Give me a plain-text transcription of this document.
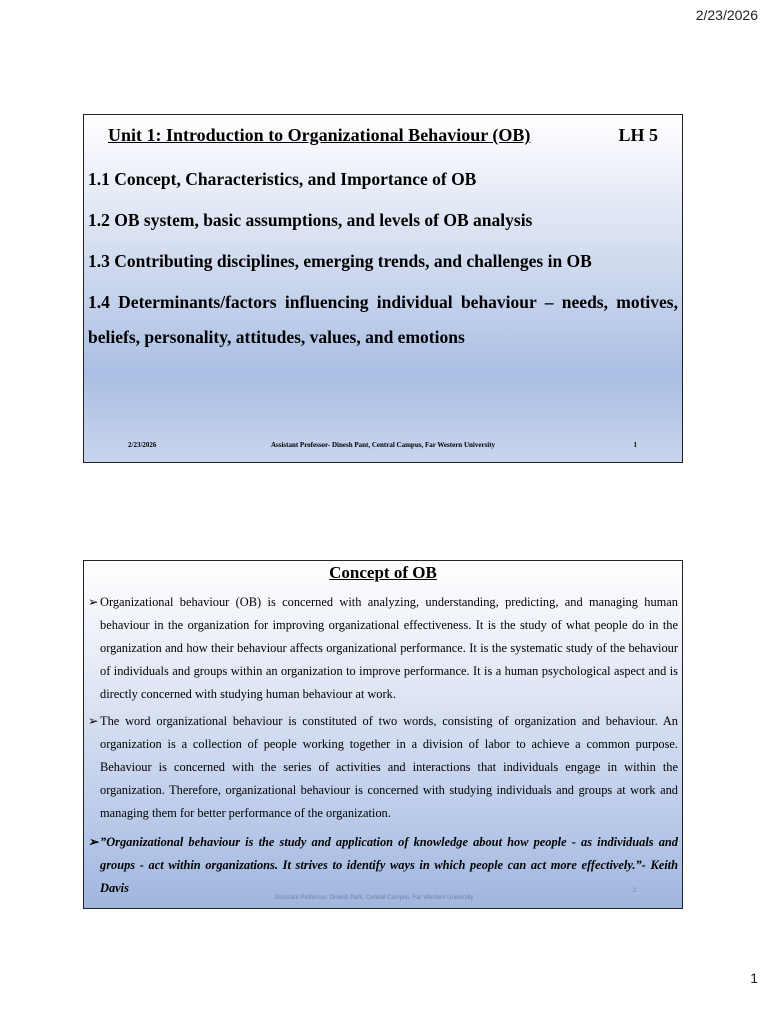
2/23/2026
Unit 1: Introduction to Organizational Behaviour (OB)	LH 5
1.1 Concept, Characteristics, and Importance of OB
1.2 OB system, basic assumptions, and levels of OB analysis
1.3 Contributing disciplines, emerging trends, and challenges in OB
1.4 Determinants/factors influencing individual behaviour – needs, motives, beliefs, personality, attitudes, values, and emotions
2/23/2026	Assistant Professor- Dinesh Pant, Central Campus, Far Western University	1
Concept of OB
➢ Organizational behaviour (OB) is concerned with analyzing, understanding, predicting, and managing human behaviour in the organization for improving organizational effectiveness. It is the study of what people do in the organization and how their behaviour affects organizational performance. It is the systematic study of the behaviour of individuals and groups within an organization to improve performance. It is a human psychological aspect and is directly concerned with studying human behaviour at work.
➢ The word organizational behaviour is constituted of two words, consisting of organization and behaviour. An organization is a collection of people working together in a division of labor to achieve a common purpose. Behaviour is concerned with the series of activities and interactions that individuals engage in within the organization. Therefore, organizational behaviour is concerned with studying individuals and groups at work and managing them for better performance of the organization.
➢ ”Organizational behaviour is the study and application of knowledge about how people - as individuals and groups - act within organizations. It strives to identify ways in which people can act more effectively.”- Keith Davis
Assistant Professor- Dinesh Pant, Central Campus, Far Western University
2
1
